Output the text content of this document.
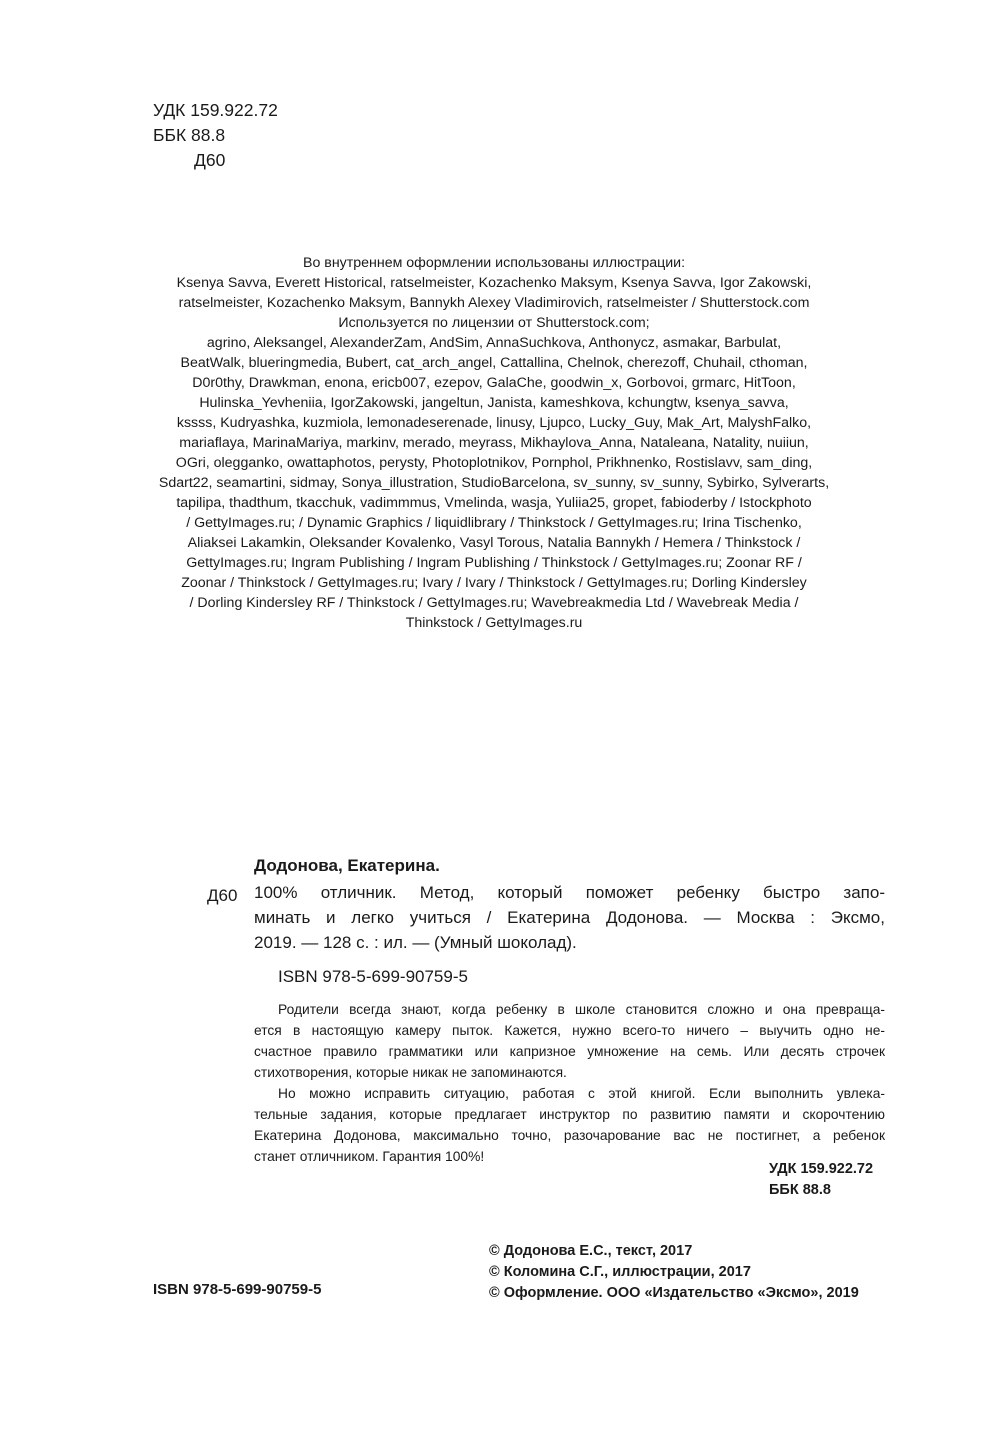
УДК 159.922.72
ББК 88.8
Д60
Во внутреннем оформлении использованы иллюстрации:
Ksenya Savva, Everett Historical, ratselmeister, Kozachenko Maksym, Ksenya Savva, Igor Zakowski,
ratselmeister, Kozachenko Maksym, Bannykh Alexey Vladimirovich, ratselmeister / Shutterstock.com
Используется по лицензии от Shutterstock.com;
agrino, Aleksangel, AlexanderZam, AndSim, AnnaSuchkova, Anthonycz, asmakar, Barbulat,
BeatWalk, blueringmedia, Bubert, cat_arch_angel, Cattallina, Chelnok, cherezoff, Chuhail, cthoman,
D0r0thy, Drawkman, enona, ericb007, ezepov, GalaChe, goodwin_x, Gorbovoi, grmarc, HitToon,
Hulinska_Yevheniia, IgorZakowski, jangeltun, Janista, kameshkova, kchungtw, ksenya_savva,
kssss, Kudryashka, kuzmiola, lemonadeserenade, linusy, Ljupco, Lucky_Guy, Mak_Art, MalyshFalko,
mariaflaya, MarinaMariya, markinv, merado, meyrass, Mikhaylova_Anna, Nataleana, Natality, nuiiun,
OGri, olegganko, owattaphotos, perysty, Photoplotnikov, Pornphol, Prikhnenko, Rostislavv, sam_ding,
Sdart22, seamartini, sidmay, Sonya_illustration, StudioBarcelona, sv_sunny, sv_sunny, Sybirko, Sylverarts,
tapilipa, thadthum, tkacchuk, vadimmmus, Vmelinda, wasja, Yuliia25, gropet, fabioderby / Istockphoto
/ GettyImages.ru; / Dynamic Graphics / liquidlibrary / Thinkstock / GettyImages.ru; Irina Tischenko,
Aliaksei Lakamkin, Oleksander Kovalenko, Vasyl Torous, Natalia Bannykh / Hemera / Thinkstock /
GettyImages.ru; Ingram Publishing / Ingram Publishing / Thinkstock / GettyImages.ru; Zoonar RF /
Zoonar / Thinkstock / GettyImages.ru; Ivary / Ivary / Thinkstock / GettyImages.ru; Dorling Kindersley
/ Dorling Kindersley RF / Thinkstock / GettyImages.ru; Wavebreakmedia Ltd / Wavebreak Media /
Thinkstock / GettyImages.ru
Додонова, Екатерина.
Д60 100% отличник. Метод, который поможет ребенку быстро запо-
минать и легко учиться / Екатерина Додонова. — Москва : Эксмо,
2019. — 128 с. : ил. — (Умный шоколад).
ISBN 978-5-699-90759-5
Родители всегда знают, когда ребенку в школе становится сложно и она превраща-
ется в настоящую камеру пыток. Кажется, нужно всего-то ничего – выучить одно не-
счастное правило грамматики или капризное умножение на семь. Или десять строчек
стихотворения, которые никак не запоминаются.
Но можно исправить ситуацию, работая с этой книгой. Если выполнить увлека-
тельные задания, которые предлагает инструктор по развитию памяти и скорочтению
Екатерина Додонова, максимально точно, разочарование вас не постигнет, а ребенок
станет отличником. Гарантия 100%!
УДК 159.922.72
ББК 88.8
© Додонова Е.С., текст, 2017
© Коломина С.Г., иллюстрации, 2017
© Оформление. ООО «Издательство «Эксмо», 2019
ISBN 978-5-699-90759-5
